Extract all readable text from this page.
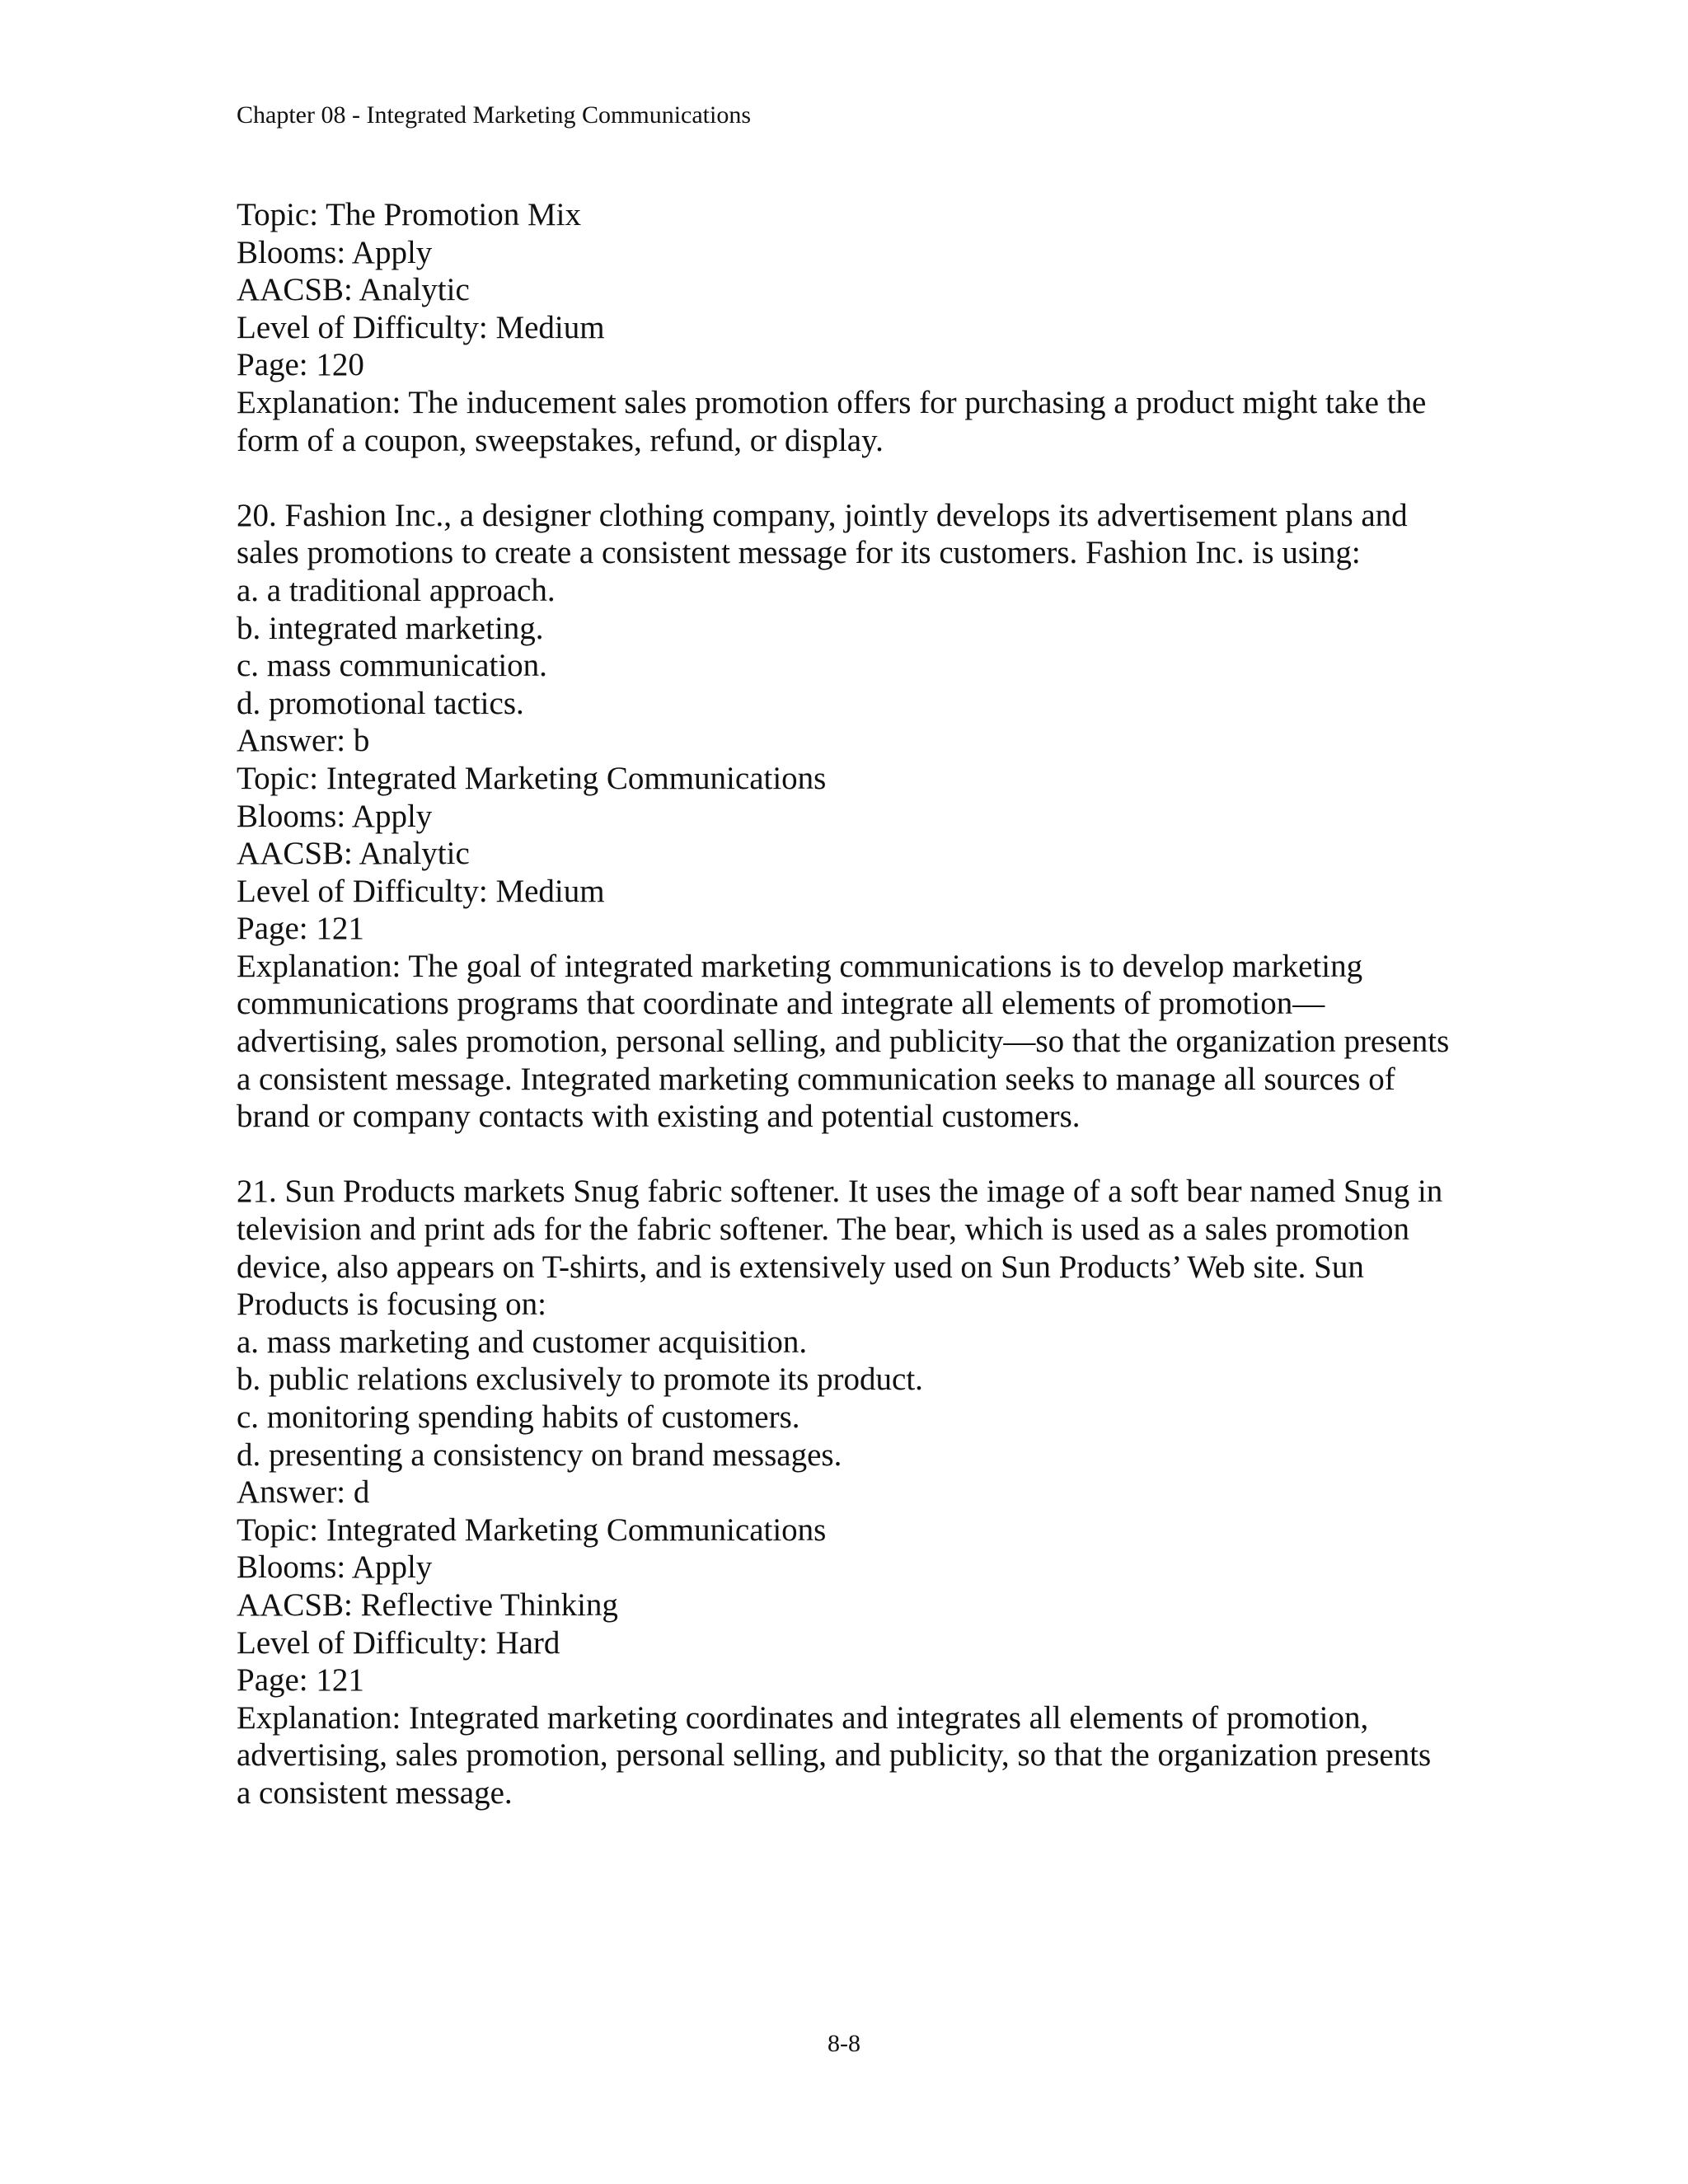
Chapter 08 - Integrated Marketing Communications

Topic: The Promotion Mix

Blooms: Apply

AACSB: Analytic

Level of Difficulty: Medium

Page: 120

Explanation: The inducement sales promotion offers for purchasing a product might take the

form of a coupon, sweepstakes, refund, or display.

20. Fashion Inc., a designer clothing company, jointly develops its advertisement plans and

sales promotions to create a consistent message for its customers. Fashion Inc. is using:

a. a traditional approach.

b. integrated marketing.

c. mass communication.

d. promotional tactics.

Answer: b

Topic: Integrated Marketing Communications

Blooms: Apply

AACSB: Analytic

Level of Difficulty: Medium

Page: 121

Explanation: The goal of integrated marketing communications is to develop marketing

communications programs that coordinate and integrate all elements of promotion—

advertising, sales promotion, personal selling, and publicity—so that the organization presents

a consistent message. Integrated marketing communication seeks to manage all sources of

brand or company contacts with existing and potential customers.

21. Sun Products markets Snug fabric softener. It uses the image of a soft bear named Snug in

television and print ads for the fabric softener. The bear, which is used as a sales promotion

device, also appears on T-shirts, and is extensively used on Sun Products’ Web site. Sun

Products is focusing on:

a. mass marketing and customer acquisition.

b. public relations exclusively to promote its product.

c. monitoring spending habits of customers.

d. presenting a consistency on brand messages.

Answer: d

Topic: Integrated Marketing Communications

Blooms: Apply

AACSB: Reflective Thinking

Level of Difficulty: Hard

Page: 121

Explanation: Integrated marketing coordinates and integrates all elements of promotion,

advertising, sales promotion, personal selling, and publicity, so that the organization presents

a consistent message.

8-8
